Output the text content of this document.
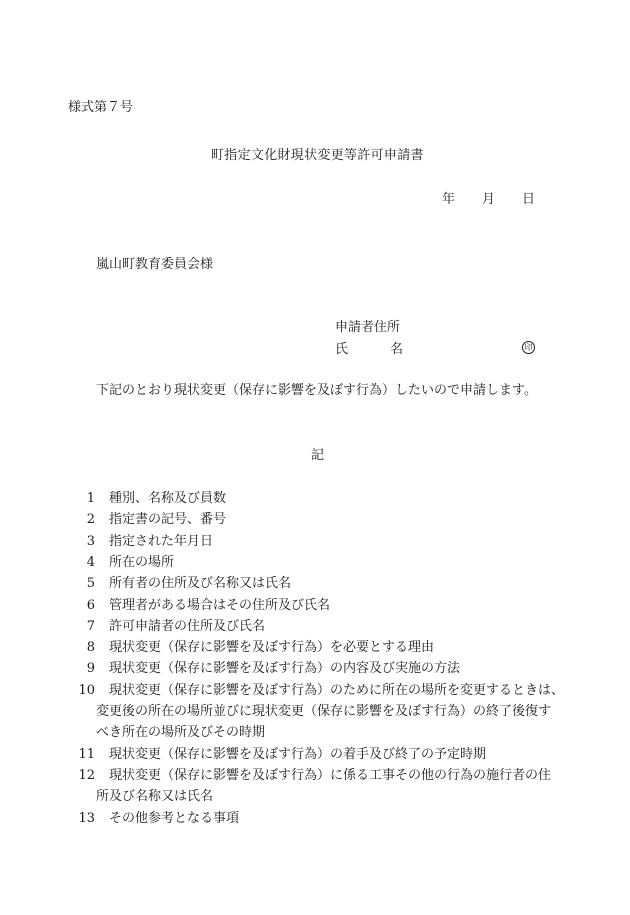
様式第７号
町指定文化財現状変更等許可申請書
年 月 日
嵐山町教育委員会様
申請者住所
氏	名	印
下記のとおり現状変更（保存に影響を及ぼす行為）したいので申請します。
記
1 種別、名称及び員数
2 指定書の記号、番号
3 指定された年月日
4 所在の場所
5 所有者の住所及び名称又は氏名
6 管理者がある場合はその住所及び氏名
7 許可申請者の住所及び氏名
8 現状変更（保存に影響を及ぼす行為）を必要とする理由
9 現状変更（保存に影響を及ぼす行為）の内容及び実施の方法
10 現状変更（保存に影響を及ぼす行為）のために所在の場所を変更するときは、
変更後の所在の場所並びに現状変更（保存に影響を及ぼす行為）の終了後復す
べき所在の場所及びその時期
11 現状変更（保存に影響を及ぼす行為）の着手及び終了の予定時期
12 現状変更（保存に影響を及ぼす行為）に係る工事その他の行為の施行者の住
所及び名称又は氏名
13 その他参考となる事項
